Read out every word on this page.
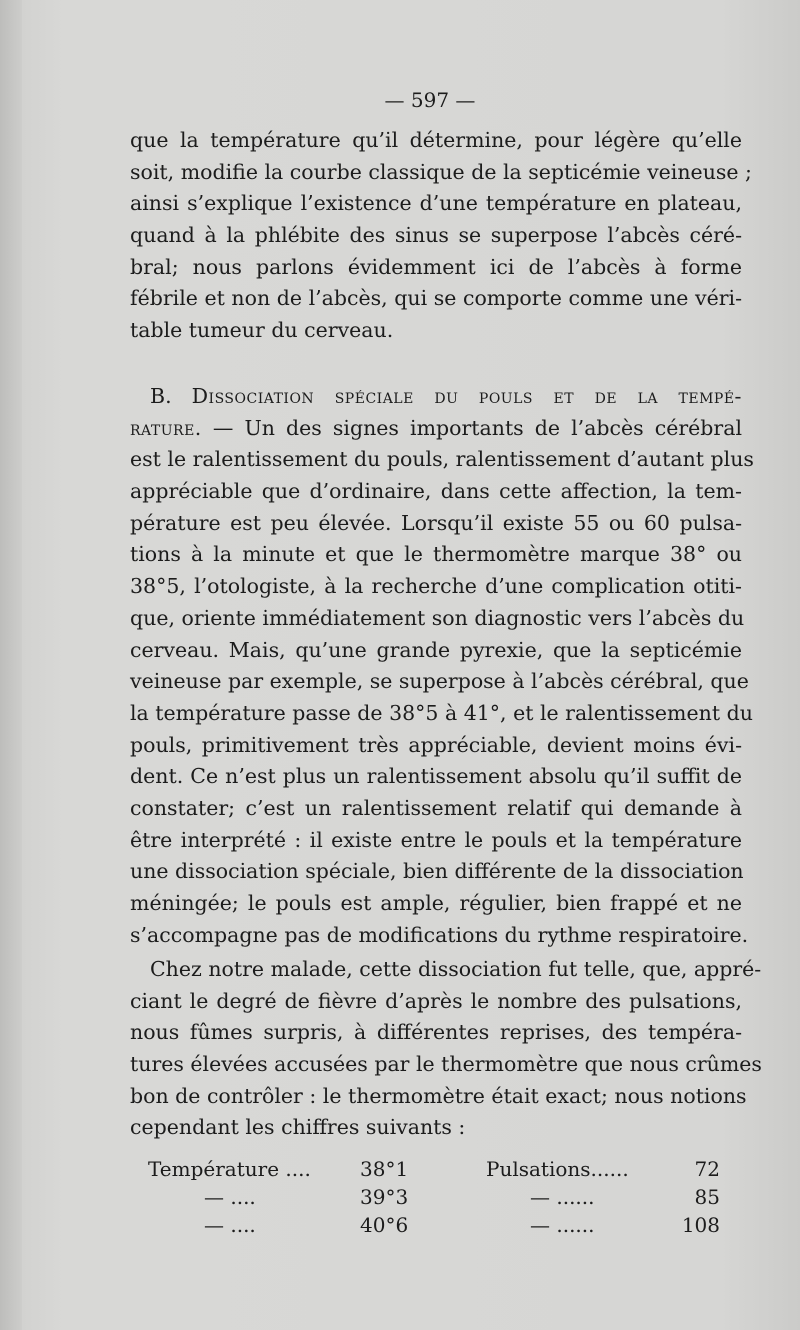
— 597 —
que la température qu’il détermine, pour légère qu’elle
soit, modifie la courbe classique de la septicémie veineuse ;
ainsi s’explique l’existence d’une température en plateau,
quand à la phlébite des sinus se superpose l’abcès céré-
bral; nous parlons évidemment ici de l’abcès à forme
fébrile et non de l’abcès, qui se comporte comme une véri-
table tumeur du cerveau.
B. Dissociation spéciale du pouls et de la tempé-
rature. — Un des signes importants de l’abcès cérébral
est le ralentissement du pouls, ralentissement d’autant plus
appréciable que d’ordinaire, dans cette affection, la tem-
pérature est peu élevée. Lorsqu’il existe 55 ou 60 pulsa-
tions à la minute et que le thermomètre marque 38° ou
38°5, l’otologiste, à la recherche d’une complication otiti-
que, oriente immédiatement son diagnostic vers l’abcès du
cerveau. Mais, qu’une grande pyrexie, que la septicémie
veineuse par exemple, se superpose à l’abcès cérébral, que
la température passe de 38°5 à 41°, et le ralentissement du
pouls, primitivement très appréciable, devient moins évi-
dent. Ce n’est plus un ralentissement absolu qu’il suffit de
constater; c’est un ralentissement relatif qui demande à
être interprété : il existe entre le pouls et la température
une dissociation spéciale, bien différente de la dissociation
méningée; le pouls est ample, régulier, bien frappé et ne
s’accompagne pas de modifications du rythme respiratoire.
Chez notre malade, cette dissociation fut telle, que, appré-
ciant le degré de fièvre d’après le nombre des pulsations,
nous fûmes surpris, à différentes reprises, des tempéra-
tures élevées accusées par le thermomètre que nous crûmes
bon de contrôler : le thermomètre était exact; nous notions
cependant les chiffres suivants :
Température ....	38°1	Pulsations......	72
— ....	39°3	— ......	85
— ....	40°6	— ......	108
